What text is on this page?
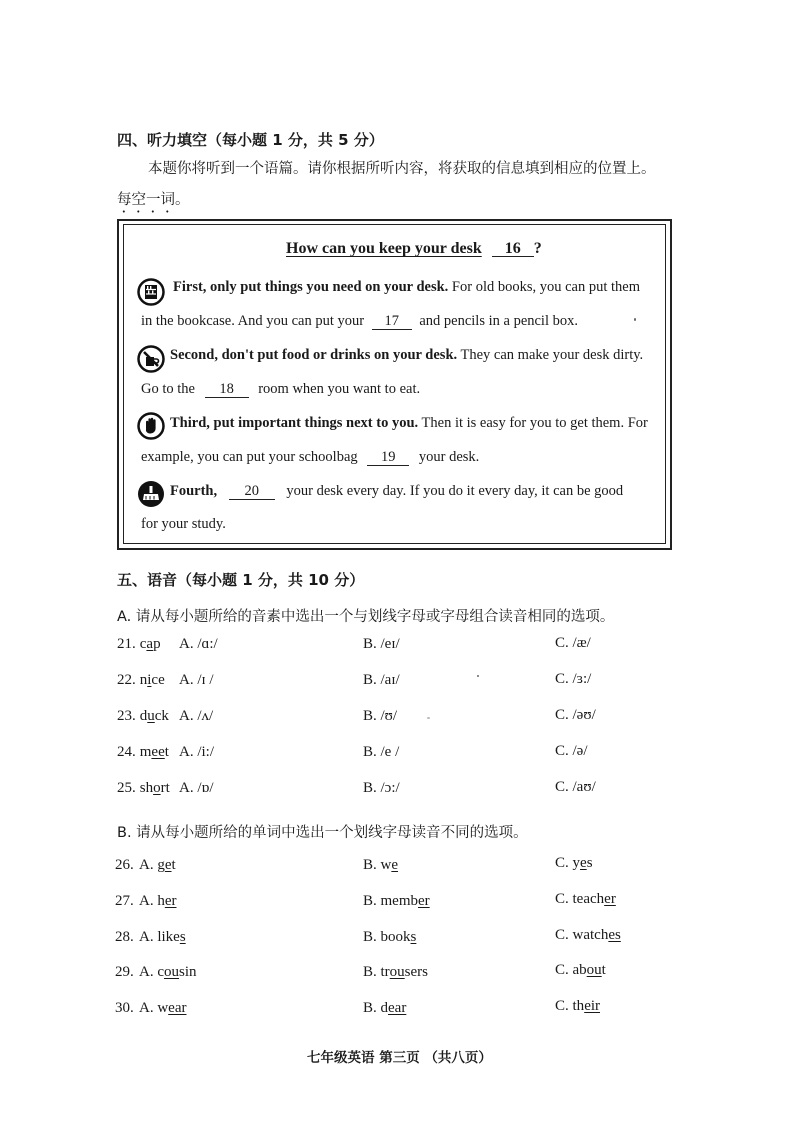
四、听力填空（每小题 1 分，共 5 分）
本题你将听到一个语篇。请你根据所听内容，将获取的信息填到相应的位置上。
每空一词。
How can you keep your desk 16 ?
First, only put things you need on your desk. For old books, you can put them
in the bookcase. And you can put your 17 and pencils in a pencil box.
Second, don't put food or drinks on your desk. They can make your desk dirty.
Go to the 18 room when you want to eat.
Third, put important things next to you. Then it is easy for you to get them. For
example, you can put your schoolbag 19 your desk.
Fourth, 20 your desk every day. If you do it every day, it can be good
for your study.
五、语音（每小题 1 分，共 10 分）
A. 请从每小题所给的音素中选出一个与划线字母或字母组合读音相同的选项。
21. cap A. /ɑ:/	B. /eɪ/	C. /æ/
22. nice A. /ɪ /	B. /aɪ/	C. /ɜ:/
23. duck A. /ʌ/	B. /ʊ/	C. /əʊ/
24. meet A. /i:/	B. /e /	C. /ə/
25. short A. /ɒ/	B. /ɔ:/	C. /aʊ/
B. 请从每小题所给的单词中选出一个划线字母读音不同的选项。
26. A. get	B. we	C. yes
27. A. her	B. member	C. teacher
28. A. likes	B. books	C. watches
29. A. cousin	B. trousers	C. about
30. A. wear	B. dear	C. their
七年级英语 第三页 （共八页）
